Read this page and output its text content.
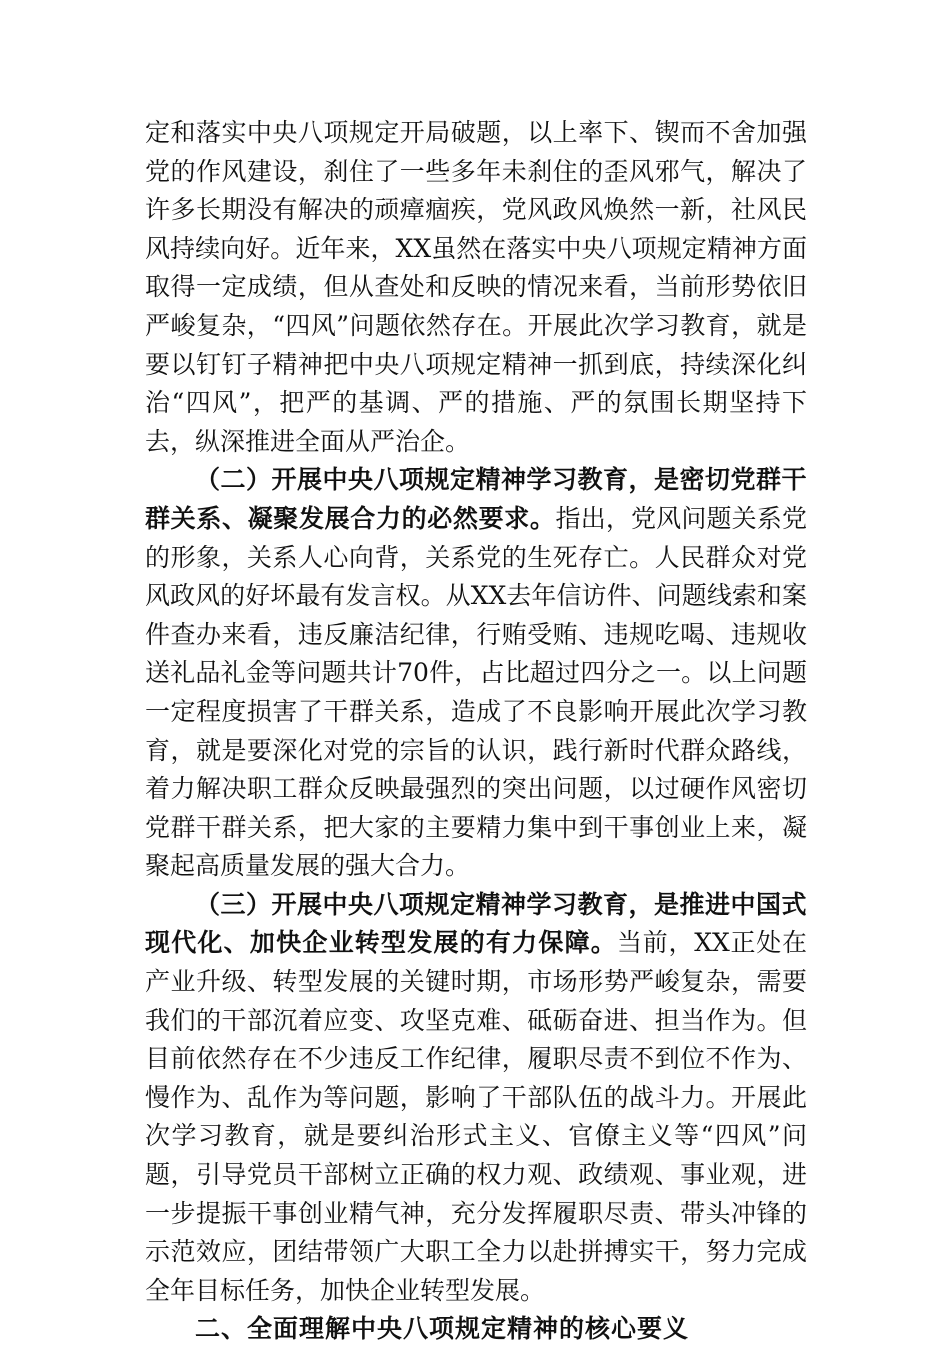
定和落实中央八项规定开局破题，以上率下、锲而不舍加强党的作风建设，刹住了一些多年未刹住的歪风邪气，解决了许多长期没有解决的顽瘴痼疾，党风政风焕然一新，社风民风持续向好。近年来，XX虽然在落实中央八项规定精神方面取得一定成绩，但从查处和反映的情况来看，当前形势依旧严峻复杂，“四风”问题依然存在。开展此次学习教育，就是要以钉钉子精神把中央八项规定精神一抓到底，持续深化纠治“四风”，把严的基调、严的措施、严的氛围长期坚持下去，纵深推进全面从严治企。

（二）开展中央八项规定精神学习教育，是密切党群干群关系、凝聚发展合力的必然要求。指出，党风问题关系党的形象，关系人心向背，关系党的生死存亡。人民群众对党风政风的好坏最有发言权。从XX去年信访件、问题线索和案件查办来看，违反廉洁纪律，行贿受贿、违规吃喝、违规收送礼品礼金等问题共计70件，占比超过四分之一。以上问题一定程度损害了干群关系，造成了不良影响开展此次学习教育，就是要深化对党的宗旨的认识，践行新时代群众路线，着力解决职工群众反映最强烈的突出问题，以过硬作风密切党群干群关系，把大家的主要精力集中到干事创业上来，凝聚起高质量发展的强大合力。

（三）开展中央八项规定精神学习教育，是推进中国式现代化、加快企业转型发展的有力保障。当前，XX正处在产业升级、转型发展的关键时期，市场形势严峻复杂，需要我们的干部沉着应变、攻坚克难、砥砺奋进、担当作为。但目前依然存在不少违反工作纪律，履职尽责不到位不作为、慢作为、乱作为等问题，影响了干部队伍的战斗力。开展此次学习教育，就是要纠治形式主义、官僚主义等“四风”问题，引导党员干部树立正确的权力观、政绩观、事业观，进一步提振干事创业精气神，充分发挥履职尽责、带头冲锋的示范效应，团结带领广大职工全力以赴拼搏实干，努力完成全年目标任务，加快企业转型发展。

二、全面理解中央八项规定精神的核心要义
